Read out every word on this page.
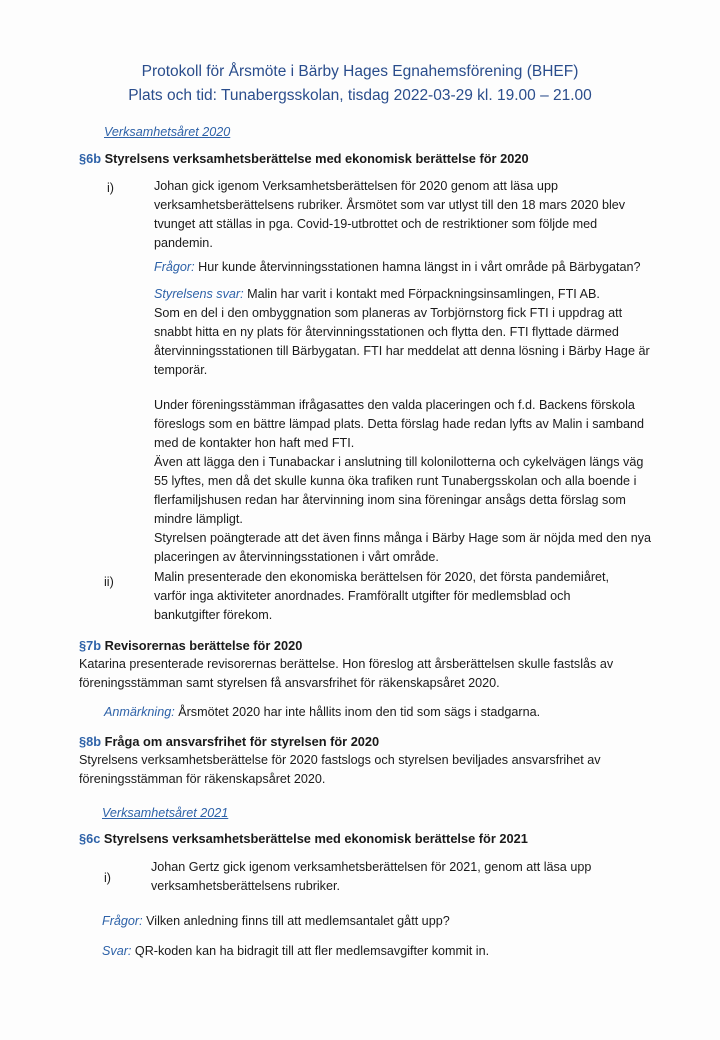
Protokoll för Årsmöte i Bärby Hages Egnahemsförening (BHEF)
Plats och tid: Tunabergsskolan, tisdag 2022-03-29 kl. 19.00 – 21.00
Verksamhetsåret 2020
§6b Styrelsens verksamhetsberättelse med ekonomisk berättelse för 2020
i)	Johan gick igenom Verksamhetsberättelsen för 2020 genom att läsa upp verksamhetsberättelsens rubriker. Årsmötet som var utlyst till den 18 mars 2020 blev tvunget att ställas in pga. Covid-19-utbrottet och de restriktioner som följde med pandemin.

Frågor: Hur kunde återvinningsstationen hamna längst in i vårt område på Bärbygatan?

Styrelsens svar: Malin har varit i kontakt med Förpackningsinsamlingen, FTI AB.

Som en del i den ombyggnation som planeras av Torbjörnstorg fick FTI i uppdrag att snabbt hitta en ny plats för återvinningsstationen och flytta den. FTI flyttade därmed återvinningsstationen till Bärbygatan. FTI har meddelat att denna lösning i Bärby Hage är temporär.

Under föreningsstämman ifrågasattes den valda placeringen och f.d. Backens förskola föreslogs som en bättre lämpad plats. Detta förslag hade redan lyfts av Malin i samband med de kontakter hon haft med FTI.

Även att lägga den i Tunabackar i anslutning till kolonilotterna och cykelvägen längs väg 55 lyftes, men då det skulle kunna öka trafiken runt Tunabergsskolan och alla boende i flerfamiljshusen redan har återvinning inom sina föreningar ansågs detta förslag som mindre lämpligt.

Styrelsen poängterade att det även finns många i Bärby Hage som är nöjda med den nya placeringen av återvinningsstationen i vårt område.

ii)	Malin presenterade den ekonomiska berättelsen för 2020, det första pandemiåret, varför inga aktiviteter anordnades. Framförallt utgifter för medlemsblad och bankutgifter förekom.

§7b Revisorernas berättelse för 2020

Katarina presenterade revisorernas berättelse. Hon föreslog att årsberättelsen skulle fastslås av föreningsstämman samt styrelsen få ansvarsfrihet för räkenskapsåret 2020.

Anmärkning: Årsmötet 2020 har inte hållits inom den tid som sägs i stadgarna.

§8b Fråga om ansvarsfrihet för styrelsen för 2020

Styrelsens verksamhetsberättelse för 2020 fastslogs och styrelsen beviljades ansvarsfrihet av föreningsstämman för räkenskapsåret 2020.

Verksamhetsåret 2021
§6c Styrelsens verksamhetsberättelse med ekonomisk berättelse för 2021
i)

Johan Gertz gick igenom verksamhetsberättelsen för 2021, genom att läsa upp verksamhetsberättelsens rubriker.

Frågor: Vilken anledning finns till att medlemsantalet gått upp?

Svar: QR-koden kan ha bidragit till att fler medlemsavgifter kommit in.
